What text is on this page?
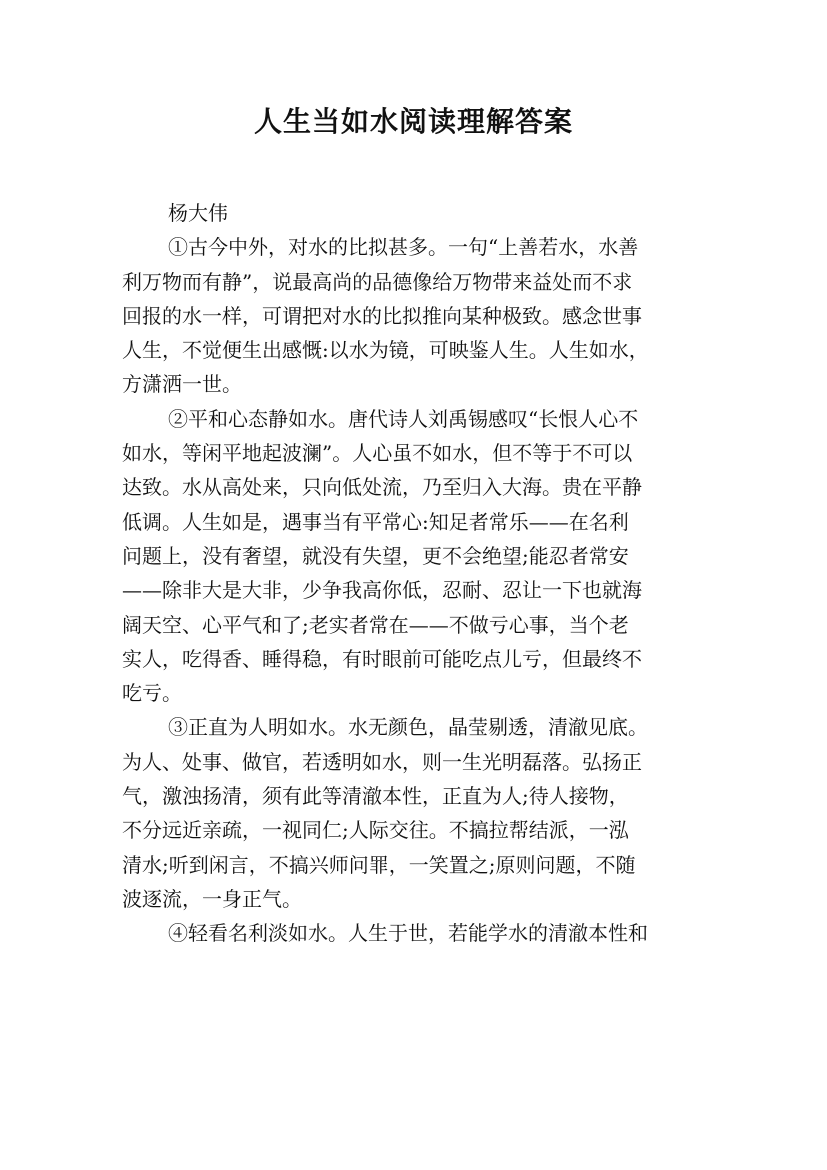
人生当如水阅读理解答案
杨大伟
①古今中外，对水的比拟甚多。一句“上善若水，水善
利万物而有静”，说最高尚的品德像给万物带来益处而不求
回报的水一样，可谓把对水的比拟推向某种极致。感念世事
人生，不觉便生出感慨:以水为镜，可映鉴人生。人生如水，
方潇洒一世。
②平和心态静如水。唐代诗人刘禹锡感叹“长恨人心不
如水，等闲平地起波澜”。人心虽不如水，但不等于不可以
达致。水从高处来，只向低处流，乃至归入大海。贵在平静
低调。人生如是，遇事当有平常心:知足者常乐——在名利
问题上，没有奢望，就没有失望，更不会绝望;能忍者常安
——除非大是大非，少争我高你低，忍耐、忍让一下也就海
阔天空、心平气和了;老实者常在——不做亏心事，当个老
实人，吃得香、睡得稳，有时眼前可能吃点儿亏，但最终不
吃亏。
③正直为人明如水。水无颜色，晶莹剔透，清澈见底。
为人、处事、做官，若透明如水，则一生光明磊落。弘扬正
气，激浊扬清，须有此等清澈本性，正直为人;待人接物，
不分远近亲疏，一视同仁;人际交往。不搞拉帮结派，一泓
清水;听到闲言，不搞兴师问罪，一笑置之;原则问题，不随
波逐流，一身正气。
④轻看名利淡如水。人生于世，若能学水的清澈本性和
